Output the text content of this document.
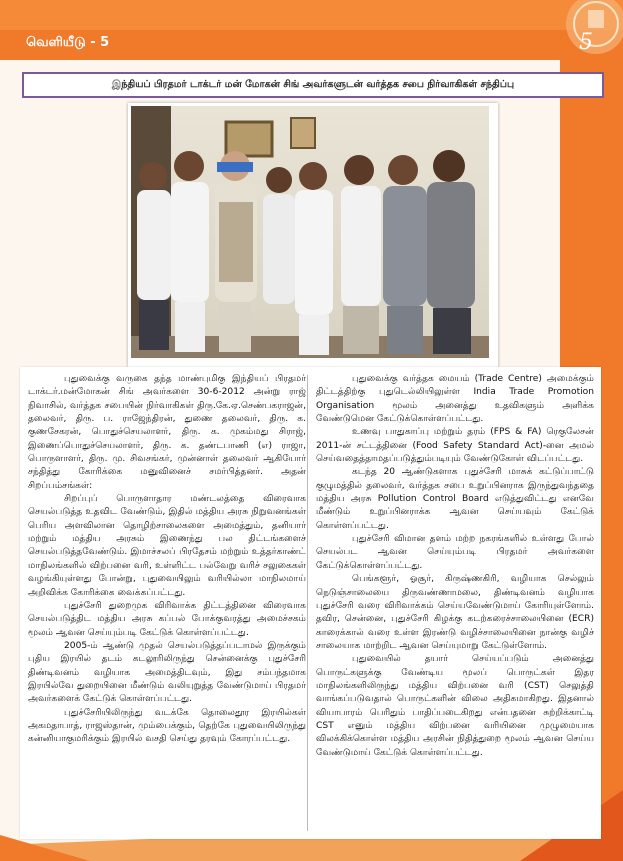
வெளியீடு - 5	5
இந்தியப் பிரதமர் டாக்டர் மன் மோகன் சிங் அவர்களுடன் வர்த்தக சபை நிர்வாகிகள் சந்திப்பு

புதுவைக்கு வருகை தந்த மாண்புமிகு இந்தியப் பிரதமர் டாக்டர்.மன்மோகன் சிங் அவர்களை 30-6-2012 அன்று ராஜ் நிவாசில், வர்த்தக சபையின் நிர்வாகிகள் திரு.கே.ஏ.செண்பகராஜன், தலைவர், திரு. ப. ராஜேந்திரன், துணை தலைவர், திரு. க. குணசேகரன், பொதுச்செயலாளர், திரு. க. முகம்மது சிராஜ், இணைப்பொதுச்செயலாளர், திரு. க. தண்டபாணி (எ) ராஜா, பொருளாளர், திரு. மு. சிவசங்கர், முன்னாள் தலைவர் ஆகியோர் சந்தித்து கோரிக்கை மனுவினைச் சமர்பித்தனர். அதன் சிறப்பம்சங்கள்:

சிறப்புப் பொருளாதார மண்டலத்தை விரைவாக செயல்படுத்த உதவிட வேண்டும், இதில் மத்திய அரசு நிறுவனங்கள் பெரிய அளவிலான தொழிற்சாலைகளை அமைத்தும், தனியார் மற்றும் மத்திய அரசும் இணைந்து பல திட்டங்களைச் செயல்படுத்தவேண்டும். இமாச்சலப் பிரதேசம் மற்றும் உத்தர்காண்ட் மாநிலங்களில் விற்பனை வரி, உள்ளிட்ட பல்வேறு வரிச் சலுகைகள் வழங்கியுள்ளது போன்று, புதுவையிலும் வரியில்லா மாநிலமாய் அறிவிக்க கோரிக்கை வைக்கப்பட்டது.

புதுச்சேரி துறைமுக விரிவாக்க திட்டத்தினை விரைவாக செயல்படுத்திட மத்திய அரசு கப்பல் போக்குவரத்து அமைச்சகம் மூலம் ஆவன செய்யும்படி கேட்டுக் கொள்ளப்பட்டது.

2005-ம் ஆண்டு முதல் செயல்படுத்தப்படாமல் இருக்கும் புதிய இரயில் தடம் கடலூரிலிருந்து சென்னைக்கு புதுச்சேரி திண்டிவனம் வழியாக அமைத்திடவும், இது சம்பந்தமாக இரயில்வே துறையினை மீண்டும் வலியுறுத்த வேண்டுமாய் பிரதமர் அவர்களைக் கேட்டுக் கொள்ளப்பட்டது.

புதுச்சேரியிலிருந்து வடக்கே தொலைதூர இரயில்கள் அகமதாபாத், ராஜஸ்தான், மும்பைக்கும், தெற்கே புதுவையிலிருந்து கன்னியாகுமரிக்கும் இரயில் வசதி செய்து தரவும் கோரப்பட்டது.

புதுவைக்கு வர்த்தக மையம் (Trade Centre) அமைக்கும் திட்டத்திற்கு புதுடெல்லியிலுள்ள India Trade Promotion Organisation மூலம் அனைத்து உதவிகளும் அளிக்க வேண்டுமென கேட்டுக்கொள்ளப்பட்டது.

உணவு பாதுகாப்பு மற்றும் தரம் (FPS & FA) ரெகுலேசன் 2011-ன் சட்டத்தினை (Food Safety Standard Act)-னை அமல் செய்வதைத்தாமதப்படுத்தும்படியும் வேண்டுகோள் விடப்பட்டது.

கடந்த 20 ஆண்டுகளாக புதுச்சேரி மாசுக் கட்டுப்பாட்டு குழுமத்தில் தலைவர், வர்த்தக சபை உறுப்பினராக இருந்துவந்ததை மத்திய அரசு Pollution Control Board எடுத்துவிட்டது எனவே மீண்டும் உறுப்பினராக்க ஆவன செய்யவும் கேட்டுக் கொள்ளப்பட்டது.

புதுச்சேரி விமான தளம் மற்ற நகரங்களில் உள்ளது போல் செயல்பட ஆவன செய்யும்படி பிரதமர் அவர்களை கேட்டுக்கொள்ளப்பட்டது.

பெங்களூர், ஓசூர், கிருஷ்ணகிரி, வழியாக செல்லும் நெடுஞ்சாலையை திருவண்ணாமலை, திண்டிவனம் வழியாக புதுச்சேரி வரை விரிவாக்கம் செய்யவேண்டுமாய் கோரியுள்ளோம். தவிர, சென்னை, புதுச்சேரி கிழக்கு கடற்கரைச்சாலையினை (ECR) காரைக்கால் வரை உள்ள இரண்டு வழிச்சாலையினை நான்கு வழிச் சாலையாக மாற்றிட ஆவன செய்யுமாறு கேட்டுள்ளோம்.

புதுவையில் தயார் செய்யப்படும் அனைத்து பொருட்களுக்கு வேண்டிய மூலப் பொருட்கள் இதர மாநிலங்களிலிருந்து மத்திய விற்பனை வரி (CST) செலுத்தி வாங்கப்படுவதால் பொருட்களின் விலை அதிகமாகிறது. இதனால் வியாபாரம் பெரிதும் பாதிப்படைகிறது என்பதனை சுற்றிக்காட்டி CST எனும் மத்திய விற்பனை வரியினை முழுமையாக விலக்கிக்கொள்ள மத்திய அரசின் நிதித்துறை மூலம் ஆவன செய்ய வேண்டுமாய் கேட்டுக் கொள்ளப்பட்டது.
